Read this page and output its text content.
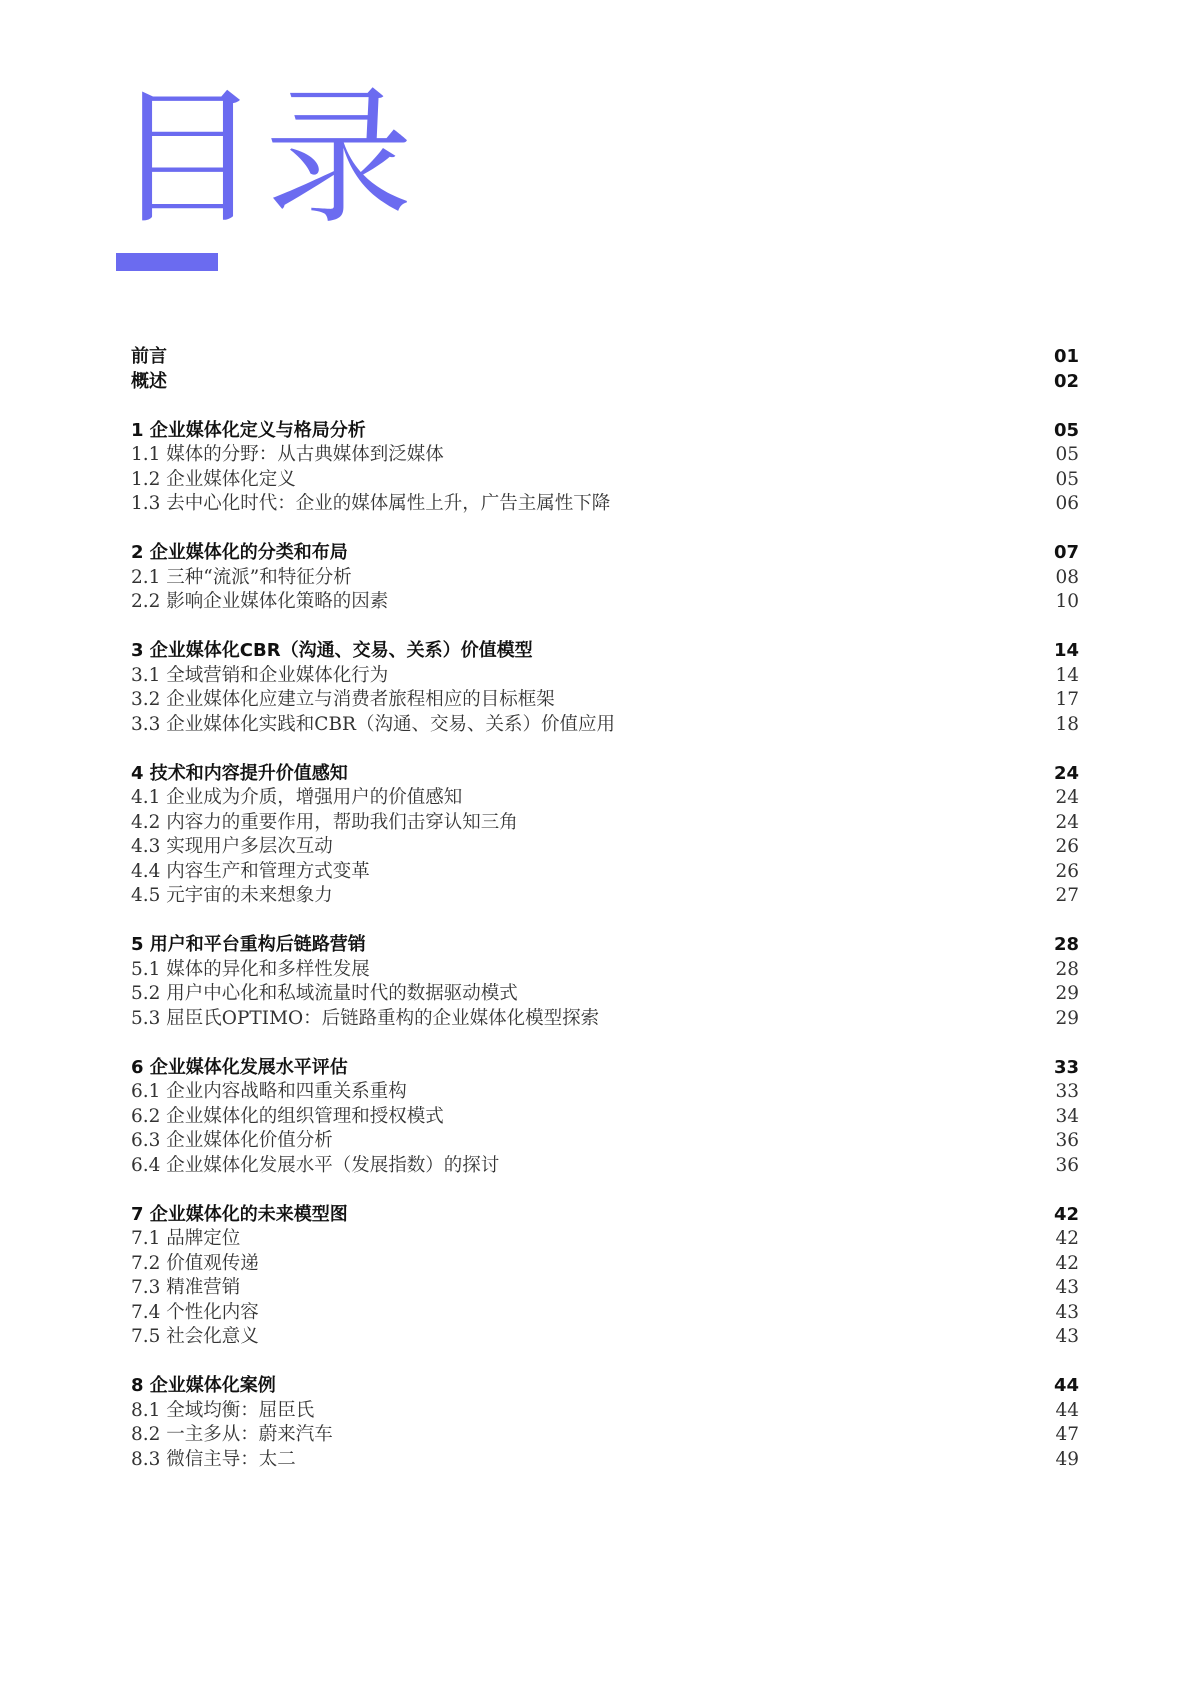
目录
前言	01
概述	02
1 企业媒体化定义与格局分析	05
1.1 媒体的分野：从古典媒体到泛媒体	05
1.2 企业媒体化定义	05
1.3 去中心化时代：企业的媒体属性上升，广告主属性下降	06
2 企业媒体化的分类和布局	07
2.1 三种“流派”和特征分析	08
2.2 影响企业媒体化策略的因素	10
3 企业媒体化CBR（沟通、交易、关系）价值模型	14
3.1 全域营销和企业媒体化行为	14
3.2 企业媒体化应建立与消费者旅程相应的目标框架	17
3.3 企业媒体化实践和CBR（沟通、交易、关系）价值应用	18
4 技术和内容提升价值感知	24
4.1 企业成为介质，增强用户的价值感知	24
4.2 内容力的重要作用，帮助我们击穿认知三角	24
4.3 实现用户多层次互动	26
4.4 内容生产和管理方式变革	26
4.5 元宇宙的未来想象力	27
5 用户和平台重构后链路营销	28
5.1 媒体的异化和多样性发展	28
5.2 用户中心化和私域流量时代的数据驱动模式	29
5.3 屈臣氏OPTIMO：后链路重构的企业媒体化模型探索	29
6 企业媒体化发展水平评估	33
6.1 企业内容战略和四重关系重构	33
6.2 企业媒体化的组织管理和授权模式	34
6.3 企业媒体化价值分析	36
6.4 企业媒体化发展水平（发展指数）的探讨	36
7 企业媒体化的未来模型图	42
7.1 品牌定位	42
7.2 价值观传递	42
7.3 精准营销	43
7.4 个性化内容	43
7.5 社会化意义	43
8 企业媒体化案例	44
8.1 全域均衡：屈臣氏	44
8.2 一主多从：蔚来汽车	47
8.3 微信主导：太二	49
